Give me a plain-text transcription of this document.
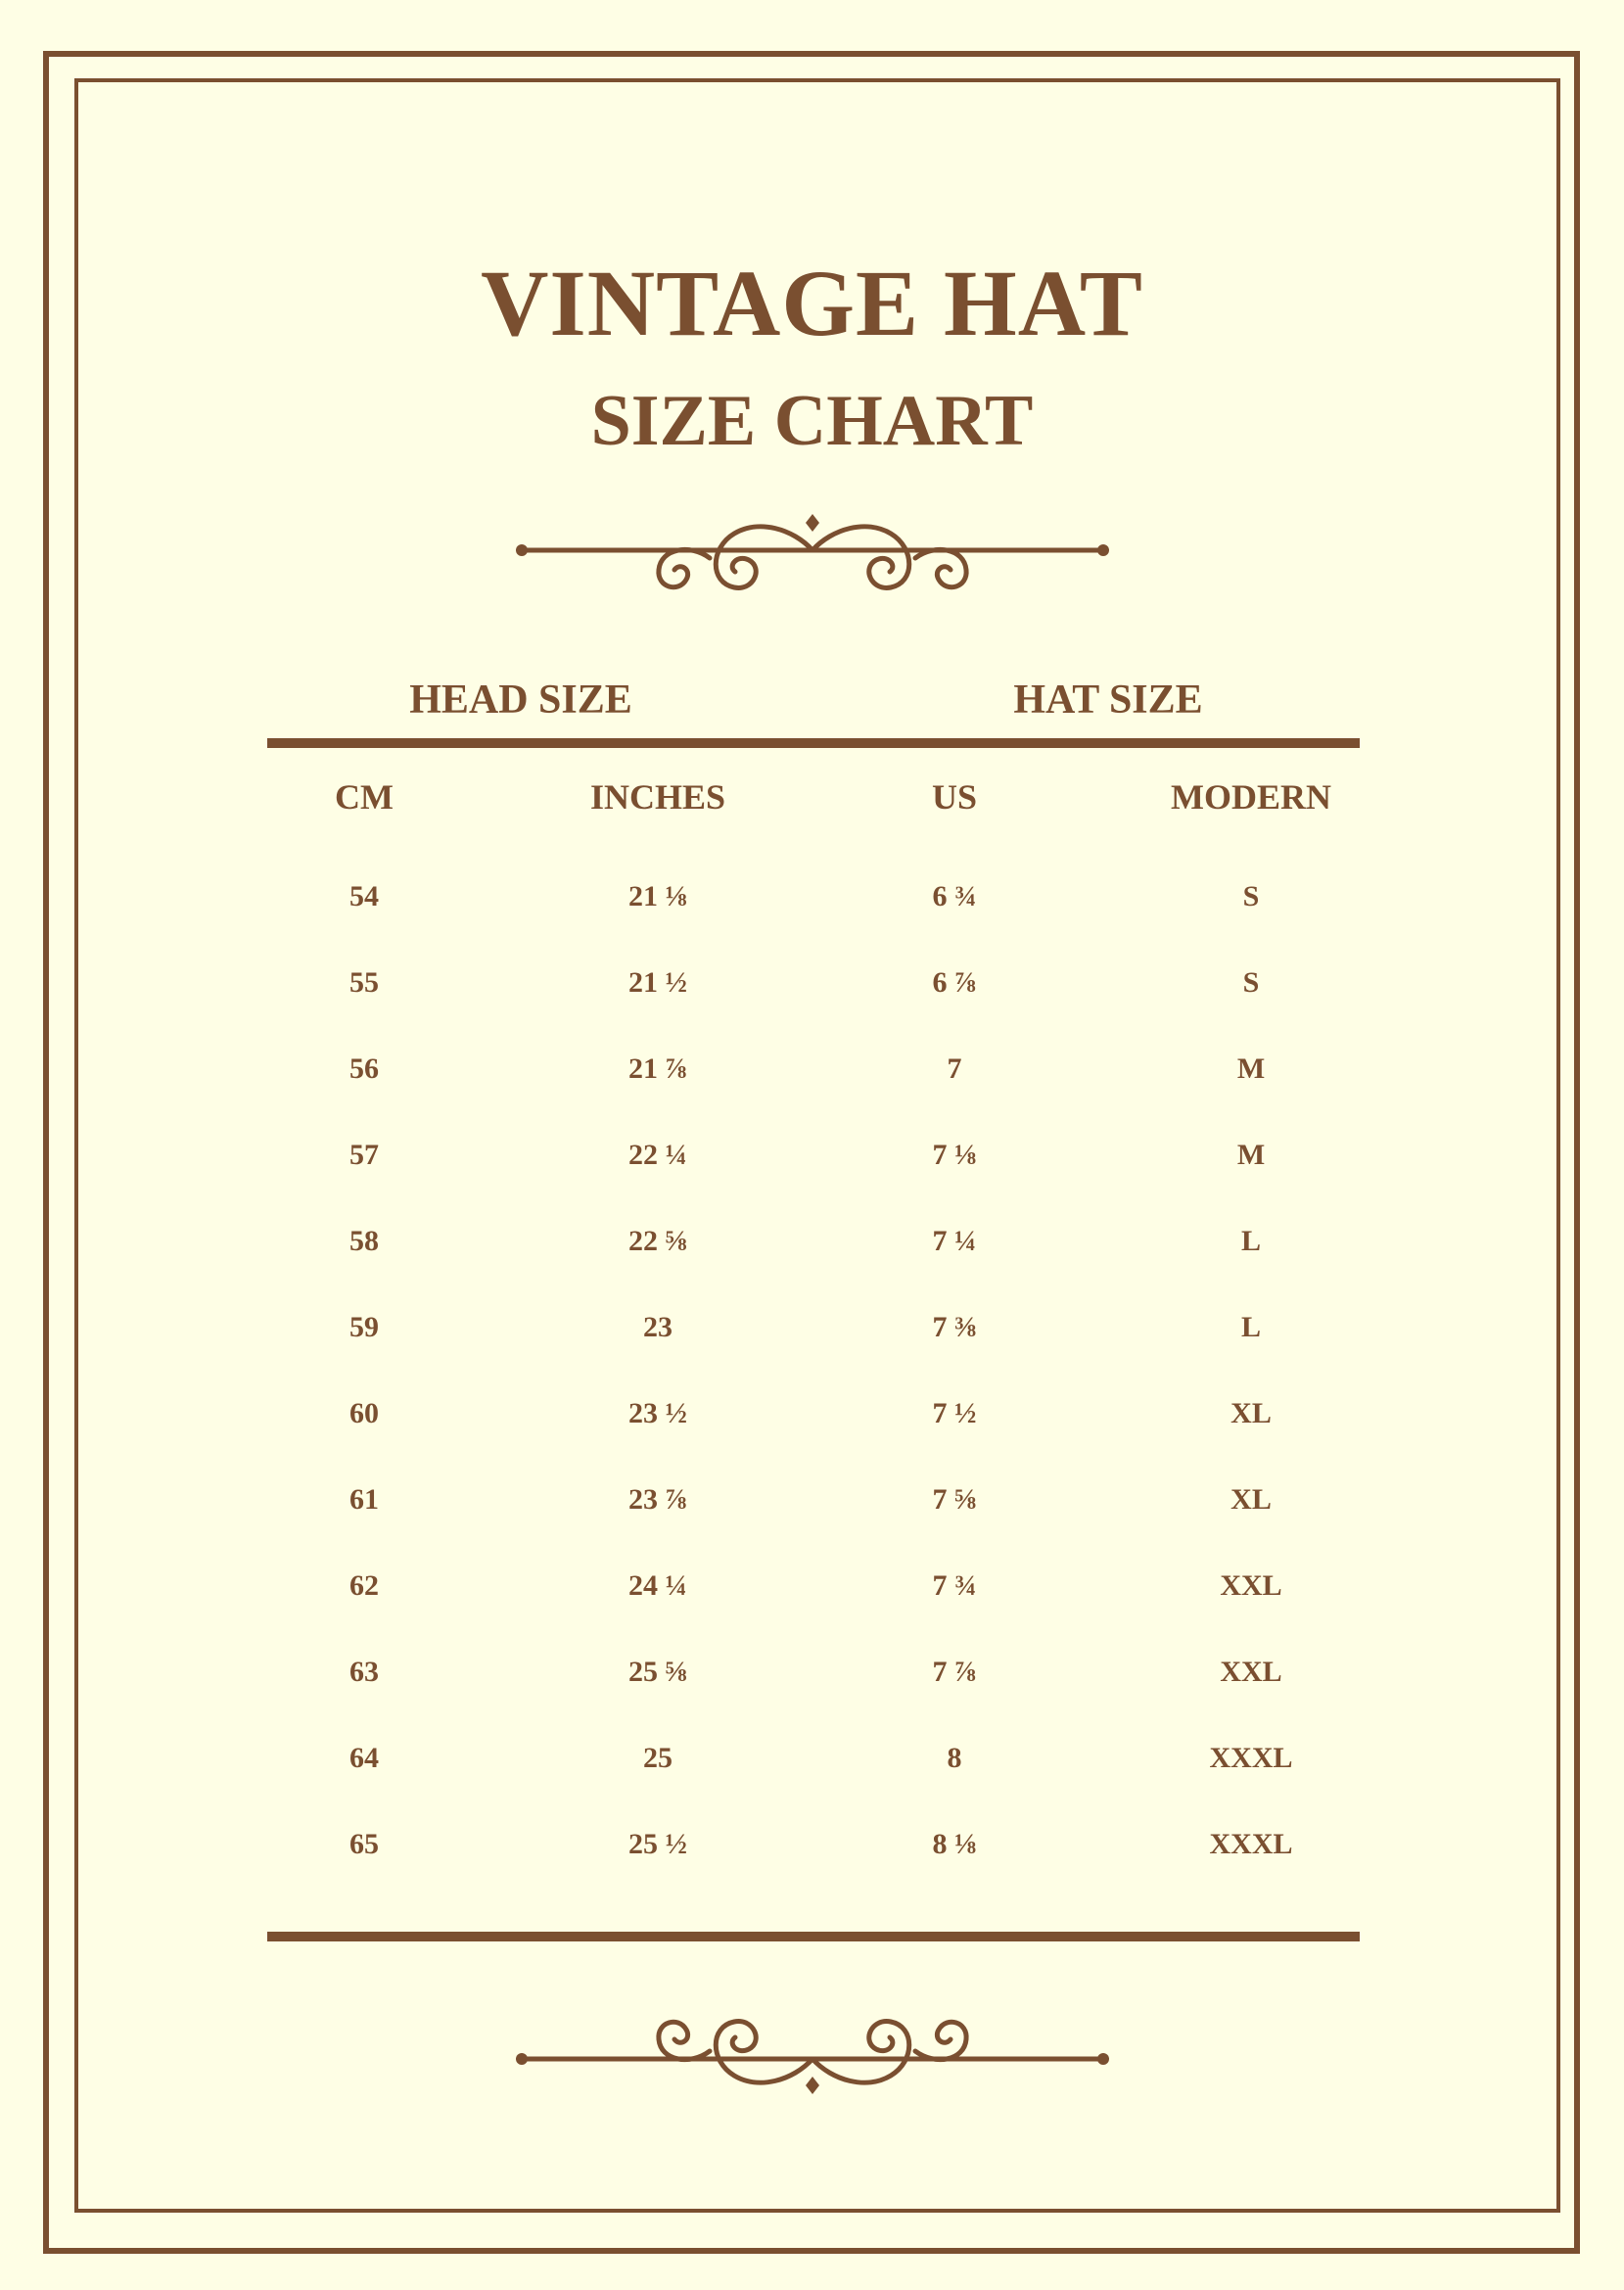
VINTAGE HAT
SIZE CHART
HEAD SIZE	HAT SIZE
CM	INCHES	US	MODERN
54	21 ⅛	6 ¾	S
55	21 ½	6 ⅞	S
56	21 ⅞	7	M
57	22 ¼	7 ⅛	M
58	22 ⅝	7 ¼	L
59	23	7 ⅜	L
60	23 ½	7 ½	XL
61	23 ⅞	7 ⅝	XL
62	24 ¼	7 ¾	XXL
63	25 ⅝	7 ⅞	XXL
64	25	8	XXXL
65	25 ½	8 ⅛	XXXL
